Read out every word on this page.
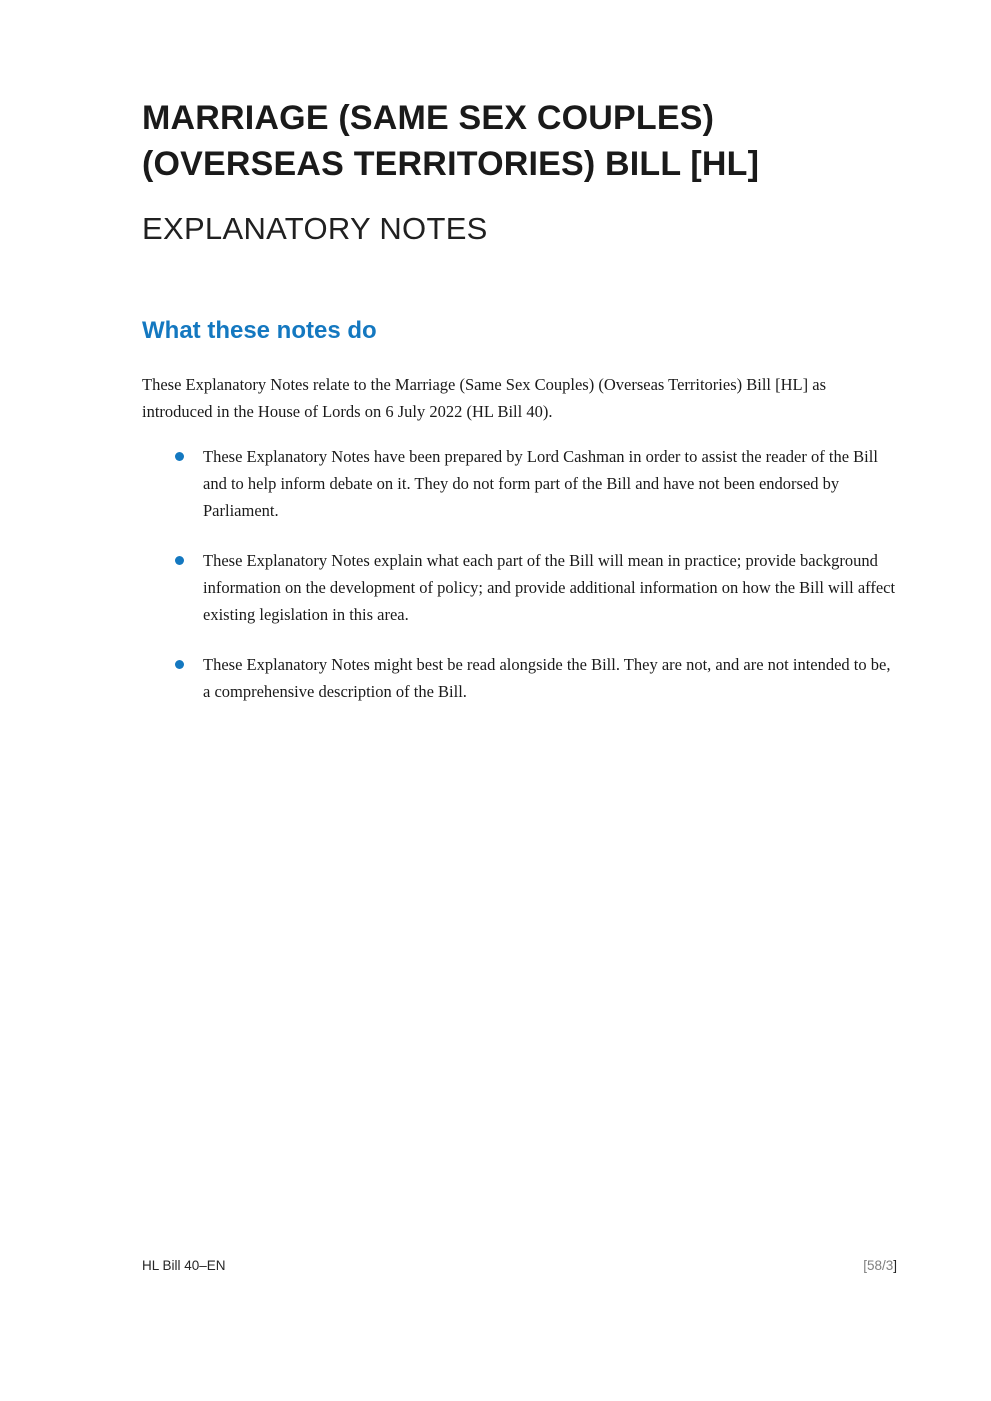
MARRIAGE (SAME SEX COUPLES)
(OVERSEAS TERRITORIES) BILL [HL]
EXPLANATORY NOTES
What these notes do

These Explanatory Notes relate to the Marriage (Same Sex Couples) (Overseas Territories) Bill [HL] as introduced in the House of Lords on 6 July 2022 (HL Bill 40).

These Explanatory Notes have been prepared by Lord Cashman in order to assist the reader of the Bill and to help inform debate on it. They do not form part of the Bill and have not been endorsed by Parliament.
These Explanatory Notes explain what each part of the Bill will mean in practice; provide background information on the development of policy; and provide additional information on how the Bill will affect existing legislation in this area.
These Explanatory Notes might best be read alongside the Bill. They are not, and are not intended to be, a comprehensive description of the Bill.
HL Bill 40–EN	[58/3]
